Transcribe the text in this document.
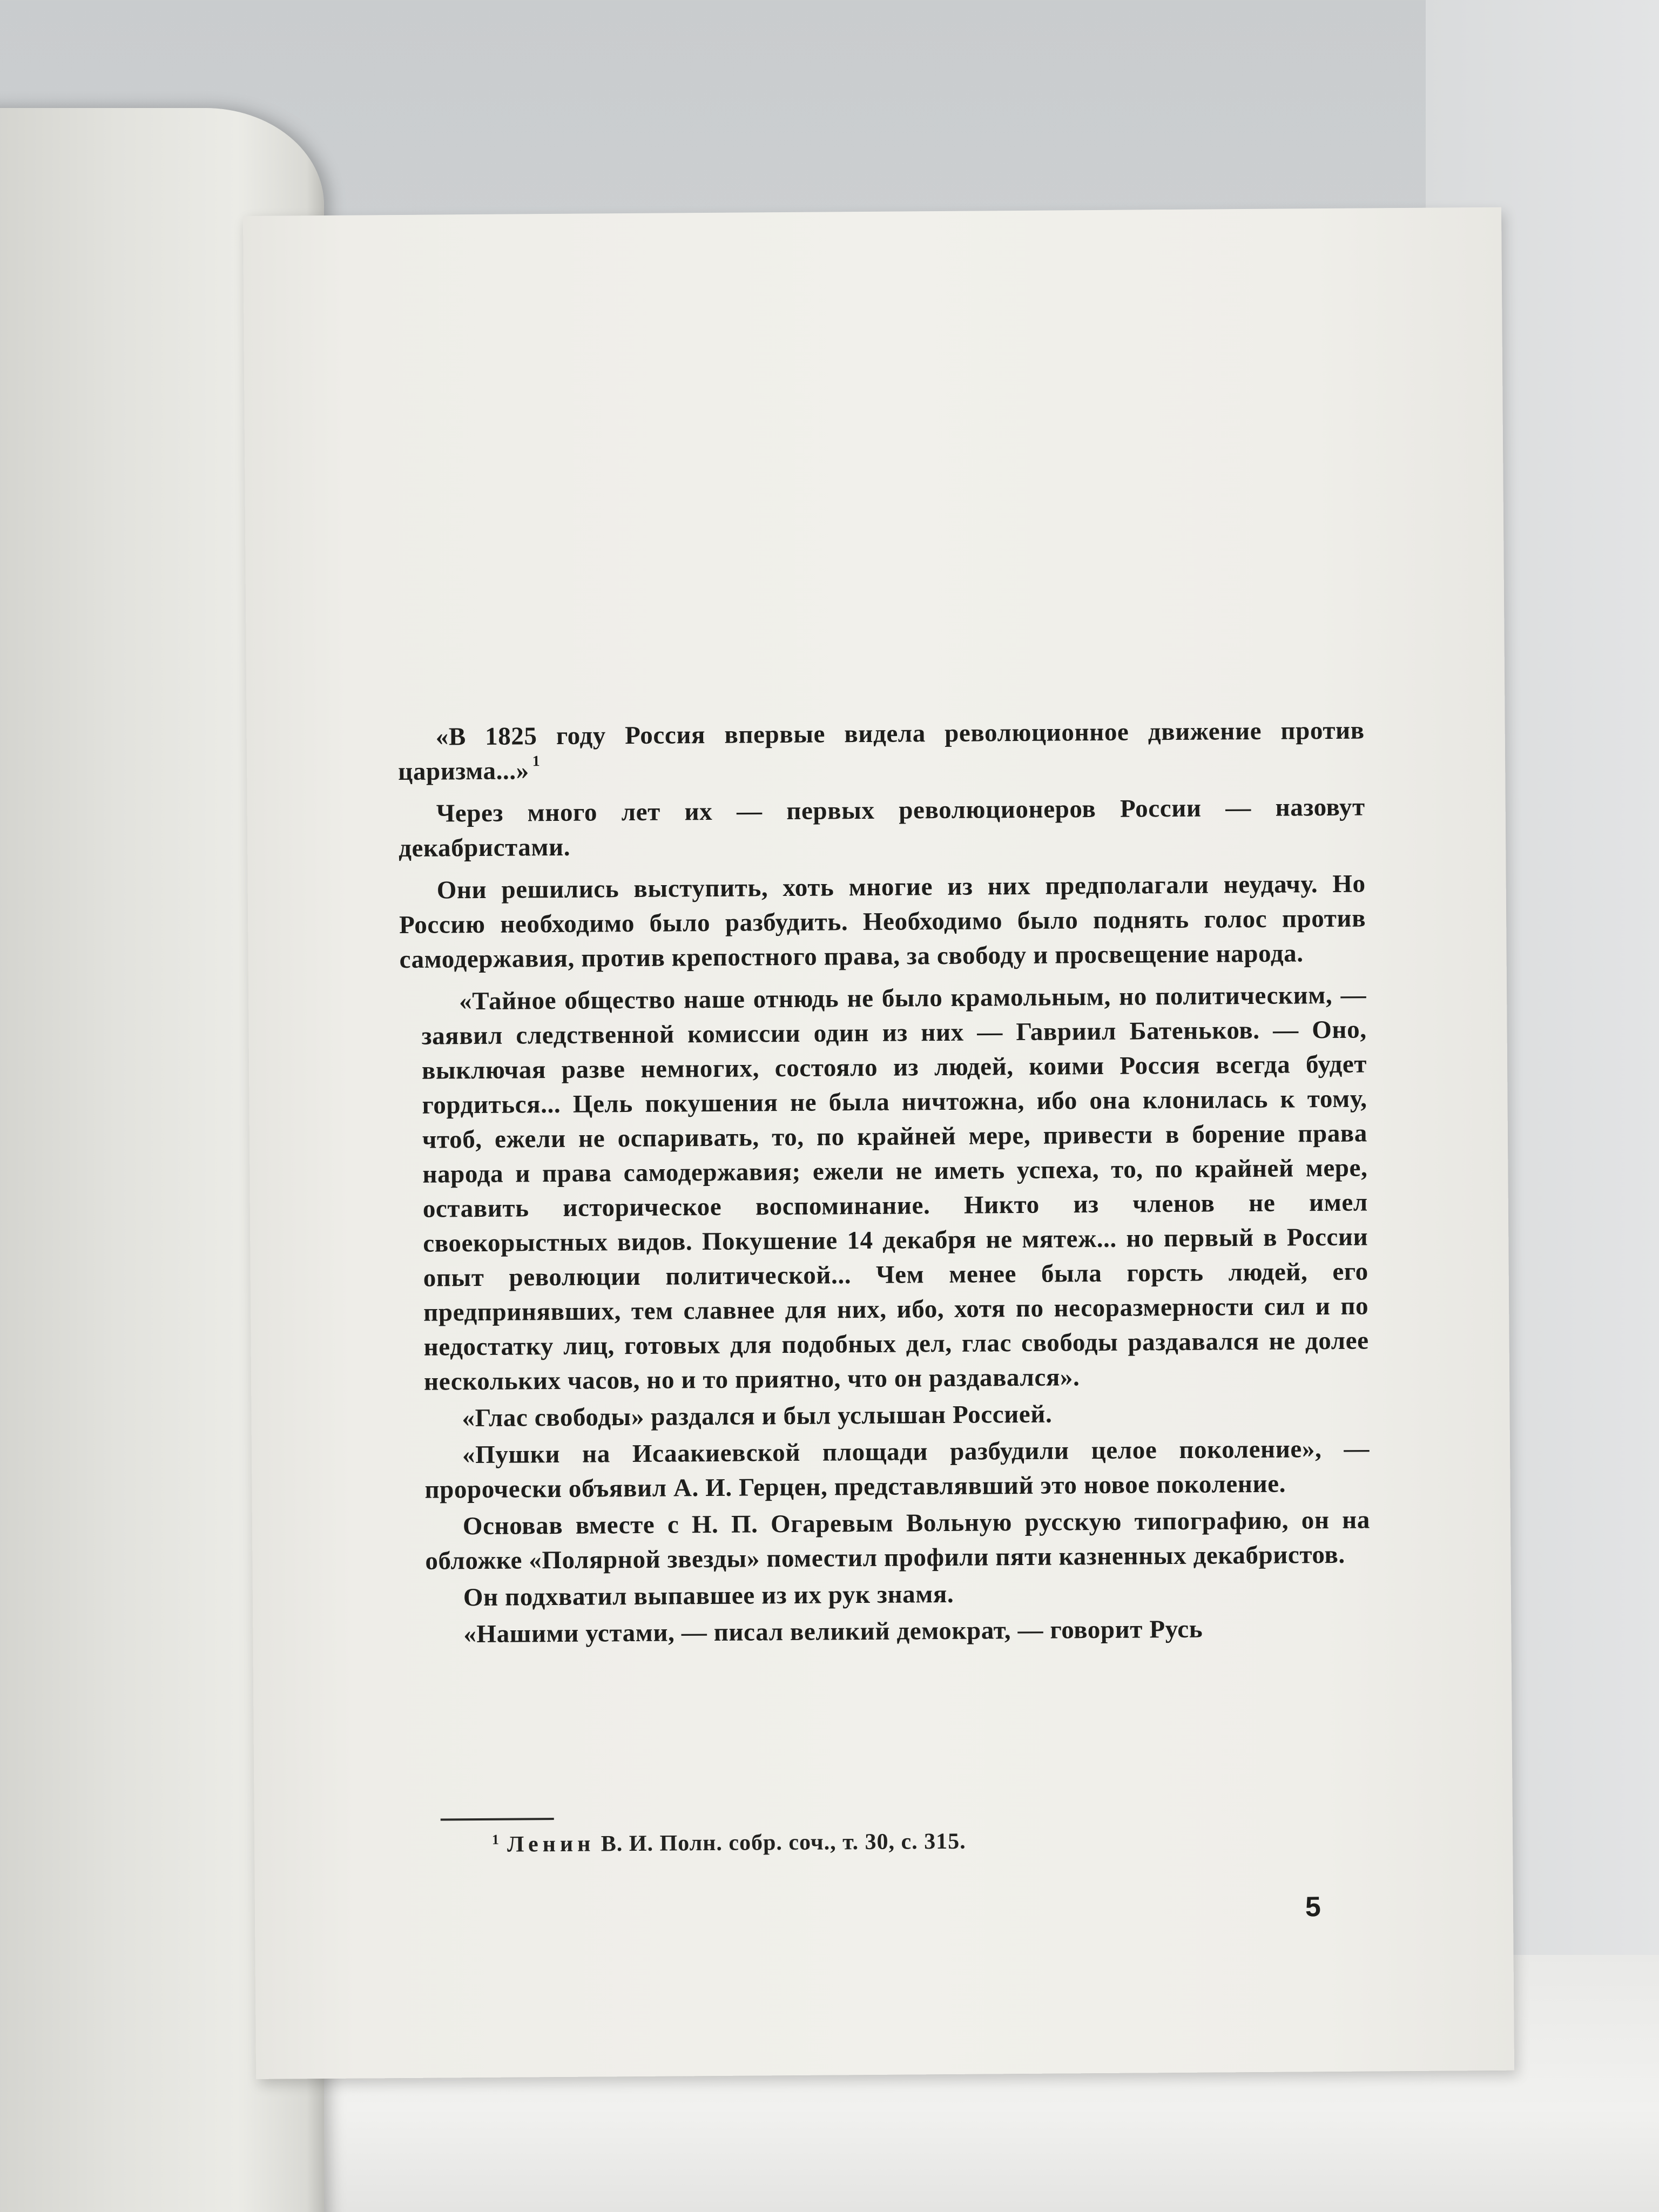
«В 1825 году Россия впервые видела революционное движение против царизма...» $^1$

Через много лет их — первых революционеров России — назовут декабристами.

Они решились выступить, хоть многие из них предполагали неудачу. Но Россию необходимо было разбудить. Необходимо было поднять голос против самодержавия, против крепостного права, за свободу и просвещение народа.

«Тайное общество наше отнюдь не было крамольным, но политическим, — заявил следственной комиссии один из них — Гавриил Батеньков. — Оно, выключая разве немногих, состояло из людей, коими Россия всегда будет гордиться... Цель покушения не была ничтожна, ибо она клонилась к тому, чтоб, ежели не оспаривать, то, по крайней мере, привести в борение права народа и права самодержавия; ежели не иметь успеха, то, по крайней мере, оставить историческое воспоминание. Никто из членов не имел своекорыстных видов. Покушение 14 декабря не мятеж... но первый в России опыт революции политической... Чем менее была горсть людей, его предпринявших, тем славнее для них, ибо, хотя по несоразмерности сил и по недостатку лиц, готовых для подобных дел, глас свободы раздавался не долее нескольких часов, но и то приятно, что он раздавался».

«Глас свободы» раздался и был услышан Россией.

«Пушки на Исаакиевской площади разбудили целое поколение», — пророчески объявил А. И. Герцен, представлявший это новое поколение.

Основав вместе с Н. П. Огаревым Вольную русскую типографию, он на обложке «Полярной звезды» поместил профили пяти казненных декабристов.

Он подхватил выпавшее из их рук знамя.

«Нашими устами, — писал великий демократ, — говорит Русь

$^1$ Ленин В. И. Полн. собр. соч., т. 30, с. 315.
5
